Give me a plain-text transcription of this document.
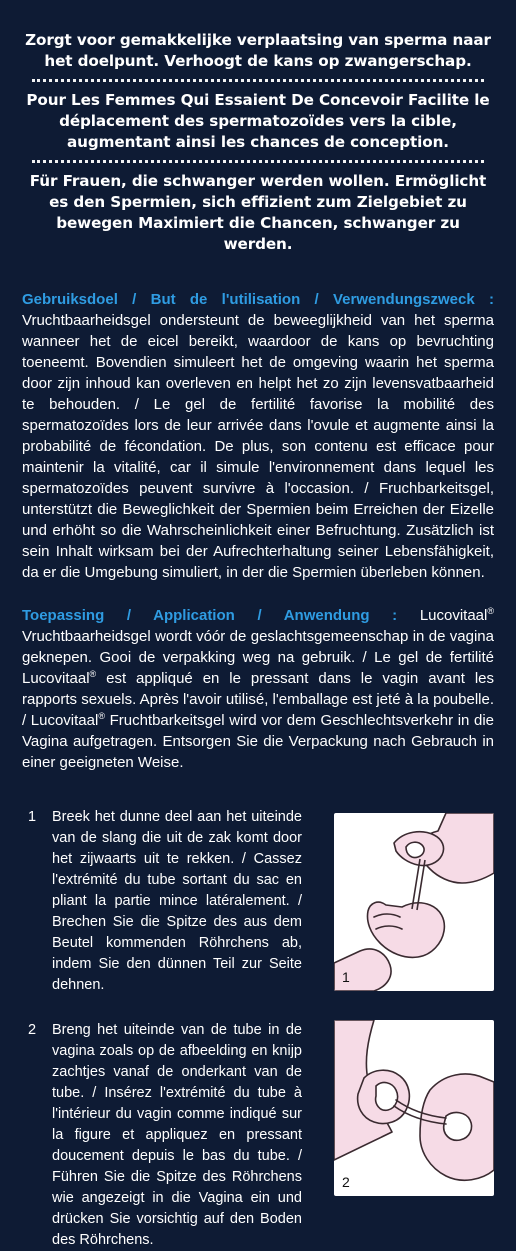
Zorgt voor gemakkelijke verplaatsing van sperma naar het doelpunt. Verhoogt de kans op zwangerschap.

Pour Les Femmes Qui Essaient De Concevoir Facilite le déplacement des spermatozoïdes vers la cible, augmentant ainsi les chances de conception.

Für Frauen, die schwanger werden wollen. Ermöglicht es den Spermien, sich effizient zum Zielgebiet zu bewegen Maximiert die Chancen, schwanger zu werden.

Gebruiksdoel / But de l'utilisation / Verwendungszweck : Vruchtbaarheidsgel ondersteunt de beweeglijkheid van het sperma wanneer het de eicel bereikt, waardoor de kans op bevruchting toeneemt. Bovendien simuleert het de omgeving waarin het sperma door zijn inhoud kan overleven en helpt het zo zijn levensvatbaarheid te behouden. / Le gel de fertilité favorise la mobilité des spermatozoïdes lors de leur arrivée dans l'ovule et augmente ainsi la probabilité de fécondation. De plus, son contenu est efficace pour maintenir la vitalité, car il simule l'environnement dans lequel les spermatozoïdes peuvent survivre à l'occasion. / Fruchbarkeitsgel, unterstützt die Beweglichkeit der Spermien beim Erreichen der Eizelle und erhöht so die Wahrscheinlichkeit einer Befruchtung. Zusätzlich ist sein Inhalt wirksam bei der Aufrechterhaltung seiner Lebensfähigkeit, da er die Umgebung simuliert, in der die Spermien überleben können.

Toepassing / Application / Anwendung : Lucovitaal® Vruchtbaarheidsgel wordt vóór de geslachtsgemeenschap in de vagina geknepen. Gooi de verpakking weg na gebruik. / Le gel de fertilité Lucovitaal® est appliqué en le pressant dans le vagin avant les rapports sexuels. Après l'avoir utilisé, l'emballage est jeté à la poubelle. / Lucovitaal® Fruchtbarkeitsgel wird vor dem Geschlechtsverkehr in die Vagina aufgetragen. Entsorgen Sie die Verpackung nach Gebrauch in einer geeigneten Weise.

1	Breek het dunne deel aan het uiteinde van de slang die uit de zak komt door het zijwaarts uit te rekken. / Cassez l'extrémité du tube sortant du sac en pliant la partie mince latéralement. / Brechen Sie die Spitze des aus dem Beutel kommenden Röhrchens ab, indem Sie den dünnen Teil zur Seite dehnen.	1
2	Breng het uiteinde van de tube in de vagina zoals op de afbeelding en knijp zachtjes vanaf de onderkant van de tube. / Insérez l'extrémité du tube à l'intérieur du vagin comme indiqué sur la figure et appliquez en pressant doucement depuis le bas du tube. / Führen Sie die Spitze des Röhrchens wie angezeigt in die Vagina ein und drücken Sie vorsichtig auf den Boden des Röhrchens.
2
